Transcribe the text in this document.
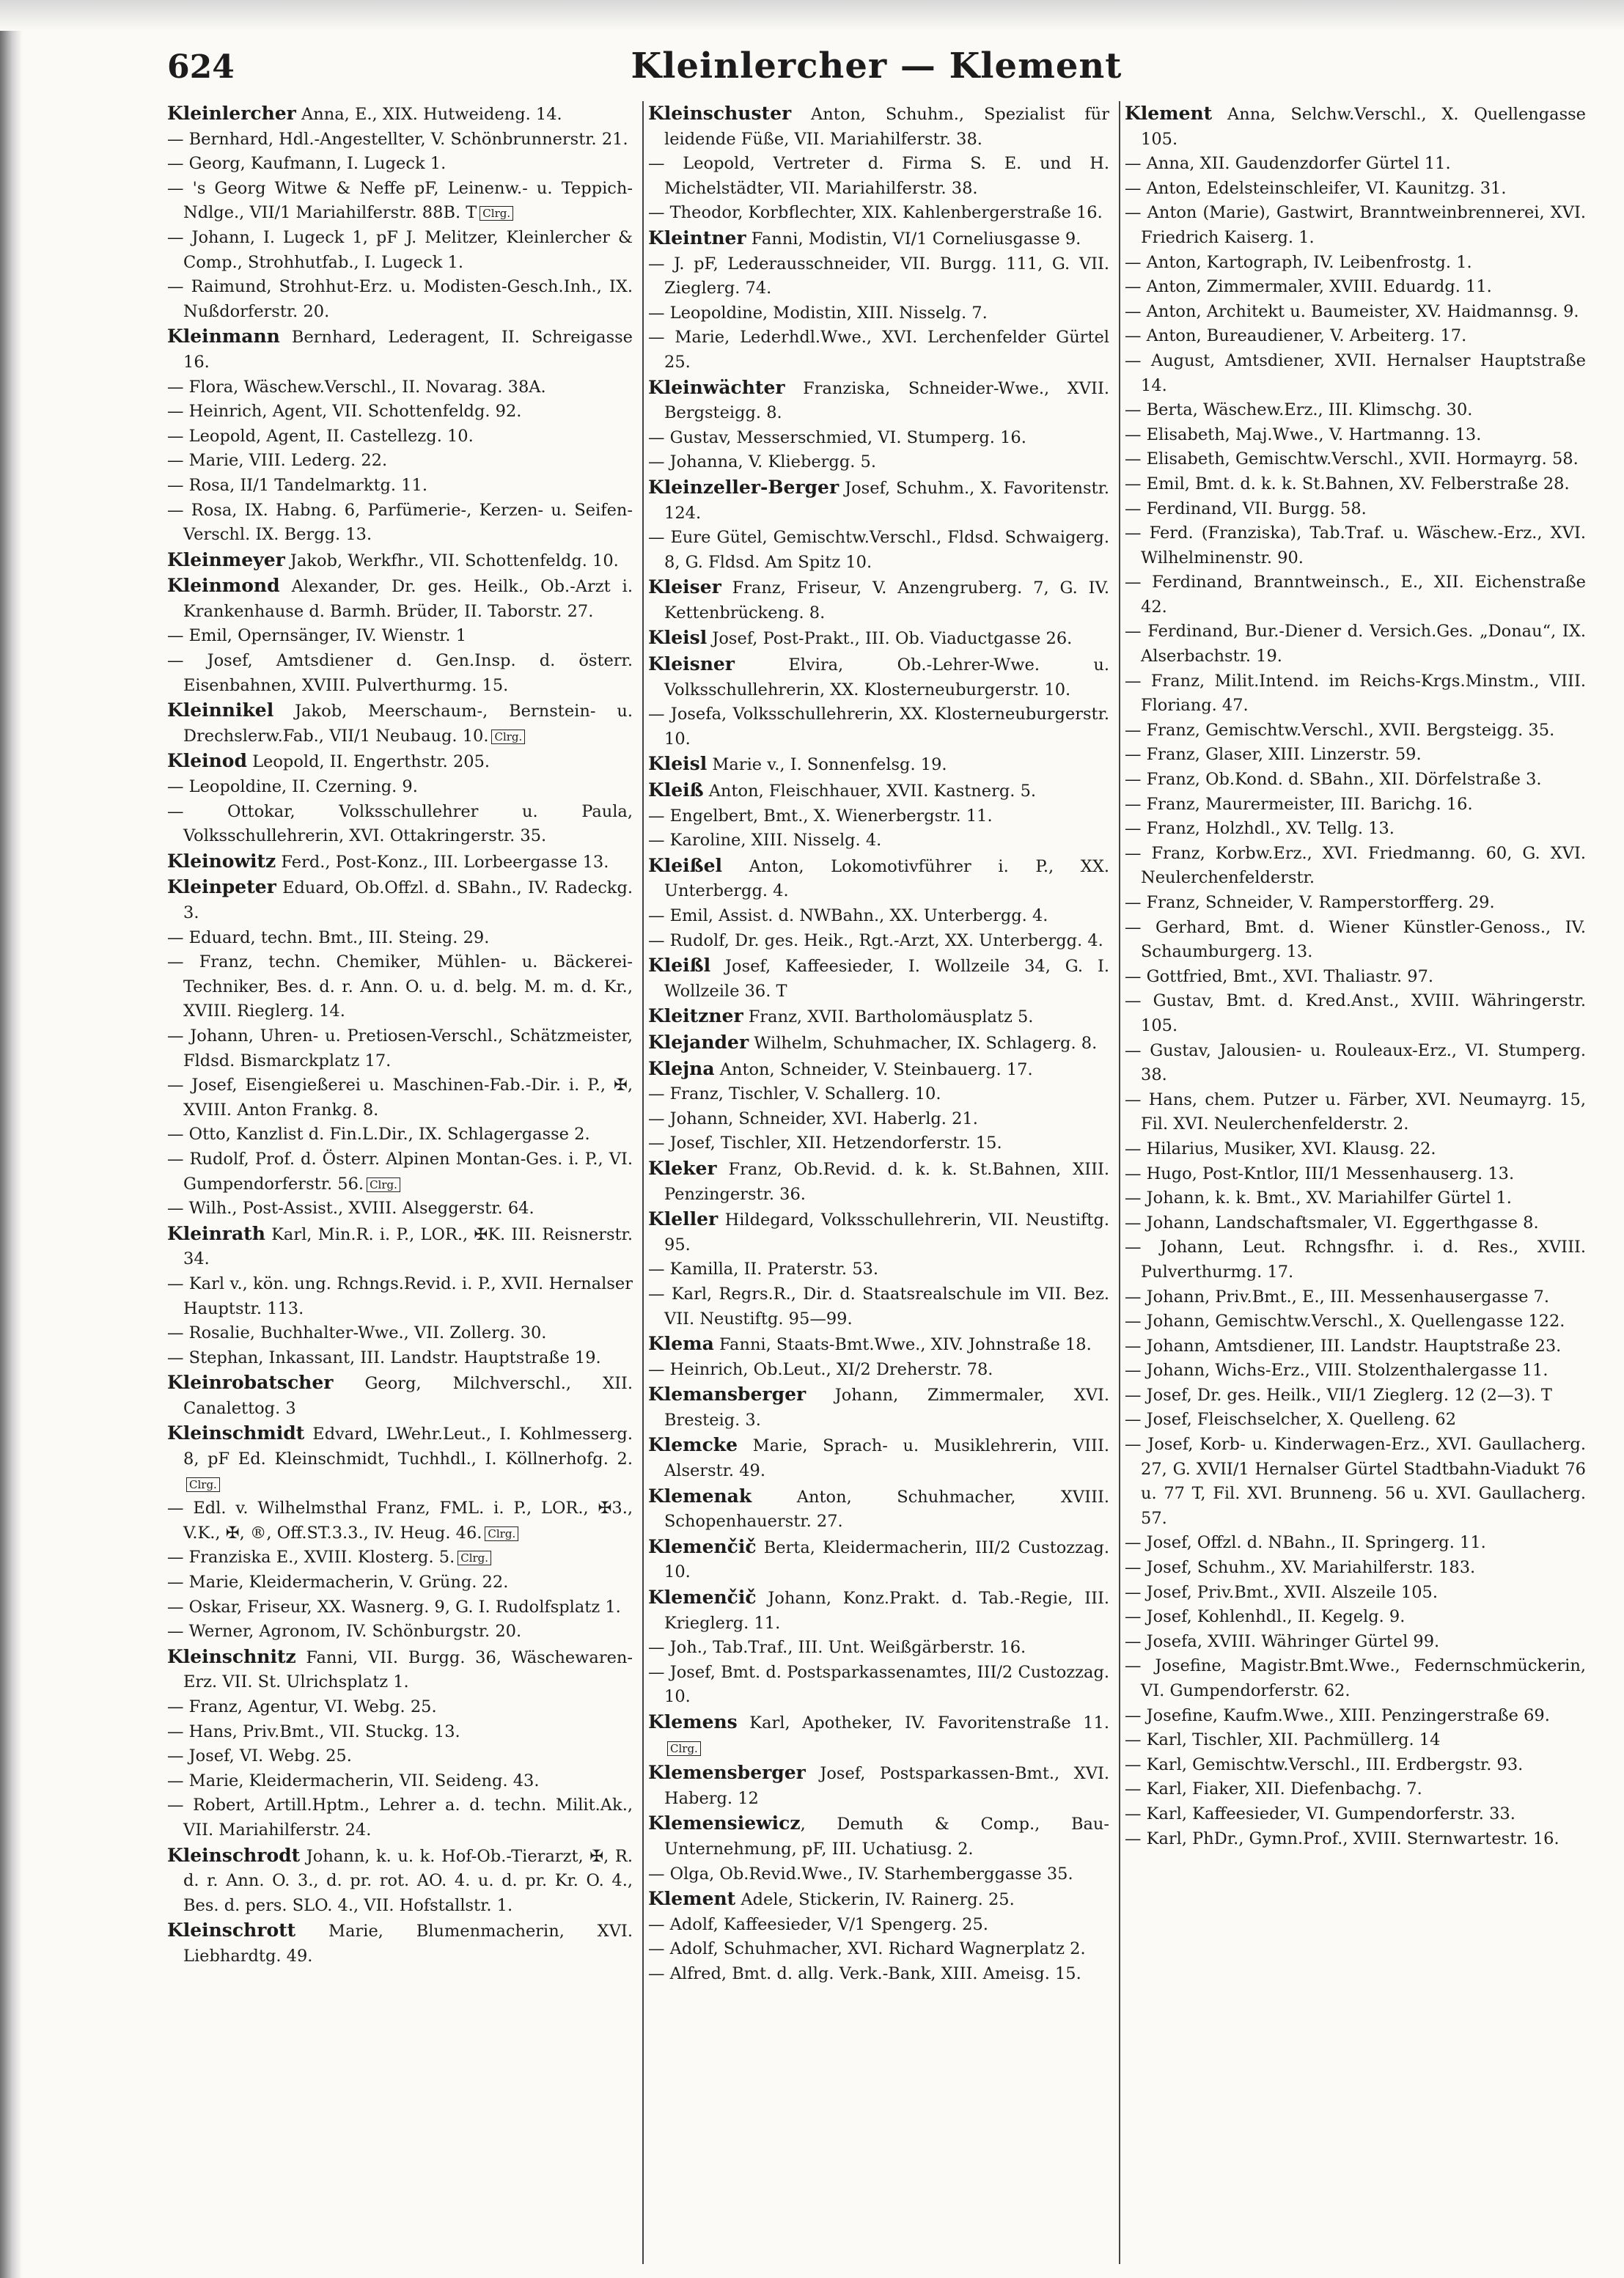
624	Kleinlercher — Klement
Kleinlercher Anna, E., XIX. Hutweideng. 14.
— Bernhard, Hdl.-Angestellter, V. Schönbrunnerstr. 21.
— Georg, Kaufmann, I. Lugeck 1.
— 's Georg Witwe & Neffe pF, Leinenw.- u. Teppich-Ndlge., VII/1 Mariahilferstr. 88B. T Clrg.
— Johann, I. Lugeck 1, pF J. Melitzer, Kleinlercher & Comp., Strohhutfab., I. Lugeck 1.
— Raimund, Strohhut-Erz. u. Modisten-Gesch.Inh., IX. Nußdorferstr. 20.
Kleinmann Bernhard, Lederagent, II. Schreigasse 16.
— Flora, Wäschew.Verschl., II. Novarag. 38A.
— Heinrich, Agent, VII. Schottenfeldg. 92.
— Leopold, Agent, II. Castellezg. 10.
— Marie, VIII. Lederg. 22.
— Rosa, II/1 Tandelmarktg. 11.
— Rosa, IX. Habng. 6, Parfümerie-, Kerzen- u. Seifen-Verschl. IX. Bergg. 13.
Kleinmeyer Jakob, Werkfhr., VII. Schottenfeldg. 10.
Kleinmond Alexander, Dr. ges. Heilk., Ob.-Arzt i. Krankenhause d. Barmh. Brüder, II. Taborstr. 27.
— Emil, Opernsänger, IV. Wienstr. 1
— Josef, Amtsdiener d. Gen.Insp. d. österr. Eisenbahnen, XVIII. Pulverthurmg. 15.
Kleinnikel Jakob, Meerschaum-, Bernstein- u. Drechslerw.Fab., VII/1 Neubaug. 10. Clrg.
Kleinod Leopold, II. Engerthstr. 205.
— Leopoldine, II. Czerning. 9.
— Ottokar, Volksschullehrer u. Paula, Volksschullehrerin, XVI. Ottakringerstr. 35.
Kleinowitz Ferd., Post-Konz., III. Lorbeergasse 13.
Kleinpeter Eduard, Ob.Offzl. d. SBahn., IV. Radeckg. 3.
— Eduard, techn. Bmt., III. Steing. 29.
— Franz, techn. Chemiker, Mühlen- u. Bäckerei-Techniker, Bes. d. r. Ann. O. u. d. belg. M. m. d. Kr., XVIII. Rieglerg. 14.
— Johann, Uhren- u. Pretiosen-Verschl., Schätzmeister, Fldsd. Bismarckplatz 17.
— Josef, Eisengießerei u. Maschinen-Fab.-Dir. i. P., ✠, XVIII. Anton Frankg. 8.
— Otto, Kanzlist d. Fin.L.Dir., IX. Schlagergasse 2.
— Rudolf, Prof. d. Österr. Alpinen Montan-Ges. i. P., VI. Gumpendorferstr. 56. Clrg.
— Wilh., Post-Assist., XVIII. Alseggerstr. 64.
Kleinrath Karl, Min.R. i. P., LOR., ✠K. III. Reisnerstr. 34.
— Karl v., kön. ung. Rchngs.Revid. i. P., XVII. Hernalser Hauptstr. 113.
— Rosalie, Buchhalter-Wwe., VII. Zollerg. 30.
— Stephan, Inkassant, III. Landstr. Hauptstraße 19.
Kleinrobatscher Georg, Milchverschl., XII. Canalettog. 3
Kleinschmidt Edvard, LWehr.Leut., I. Kohlmesserg. 8, pF Ed. Kleinschmidt, Tuchhdl., I. Köllnerhofg. 2.Clrg.
— Edl. v. Wilhelmsthal Franz, FML. i. P., LOR., ✠3., V.K., ✠, ®, Off.ST.3.3., IV. Heug. 46. Clrg.
— Franziska E., XVIII. Klosterg. 5. Clrg.
— Marie, Kleidermacherin, V. Grüng. 22.
— Oskar, Friseur, XX. Wasnerg. 9, G. I. Rudolfsplatz 1.
— Werner, Agronom, IV. Schönburgstr. 20.
Kleinschnitz Fanni, VII. Burgg. 36, Wäschewaren-Erz. VII. St. Ulrichsplatz 1.
— Franz, Agentur, VI. Webg. 25.
— Hans, Priv.Bmt., VII. Stuckg. 13.
— Josef, VI. Webg. 25.
— Marie, Kleidermacherin, VII. Seideng. 43.
— Robert, Artill.Hptm., Lehrer a. d. techn. Milit.Ak., VII. Mariahilferstr. 24.
Kleinschrodt Johann, k. u. k. Hof-Ob.-Tierarzt, ✠, R. d. r. Ann. O. 3., d. pr. rot. AO. 4. u. d. pr. Kr. O. 4., Bes. d. pers. SLO. 4., VII. Hofstallstr. 1.
Kleinschrott Marie, Blumenmacherin, XVI. Liebhardtg. 49.
Kleinschuster Anton, Schuhm., Spezialist für leidende Füße, VII. Mariahilferstr. 38.
— Leopold, Vertreter d. Firma S. E. und H. Michelstädter, VII. Mariahilferstr. 38.
— Theodor, Korbflechter, XIX. Kahlenbergerstraße 16.
Kleintner Fanni, Modistin, VI/1 Corneliusgasse 9.
— J. pF, Lederausschneider, VII. Burgg. 111, G. VII. Zieglerg. 74.
— Leopoldine, Modistin, XIII. Nisselg. 7.
— Marie, Lederhdl.Wwe., XVI. Lerchenfelder Gürtel 25.
Kleinwächter Franziska, Schneider-Wwe., XVII. Bergsteigg. 8.
— Gustav, Messerschmied, VI. Stumperg. 16.
— Johanna, V. Kliebergg. 5.
Kleinzeller-Berger Josef, Schuhm., X. Favoritenstr. 124.
— Eure Gütel, Gemischtw.Verschl., Fldsd. Schwaigerg. 8, G. Fldsd. Am Spitz 10.
Kleiser Franz, Friseur, V. Anzengruberg. 7, G. IV. Kettenbrückeng. 8.
Kleisl Josef, Post-Prakt., III. Ob. Viaductgasse 26.
Kleisner Elvira, Ob.-Lehrer-Wwe. u. Volksschullehrerin, XX. Klosterneuburgerstr. 10.
— Josefa, Volksschullehrerin, XX. Klosterneuburgerstr. 10.
Kleisl Marie v., I. Sonnenfelsg. 19.
Kleiß Anton, Fleischhauer, XVII. Kastnerg. 5.
— Engelbert, Bmt., X. Wienerbergstr. 11.
— Karoline, XIII. Nisselg. 4.
Kleißel Anton, Lokomotivführer i. P., XX. Unterbergg. 4.
— Emil, Assist. d. NWBahn., XX. Unterbergg. 4.
— Rudolf, Dr. ges. Heik., Rgt.-Arzt, XX. Unterbergg. 4.
Kleißl Josef, Kaffeesieder, I. Wollzeile 34, G. I. Wollzeile 36. T
Kleitzner Franz, XVII. Bartholomäusplatz 5.
Klejander Wilhelm, Schuhmacher, IX. Schlagerg. 8.
Klejna Anton, Schneider, V. Steinbauerg. 17.
— Franz, Tischler, V. Schallerg. 10.
— Johann, Schneider, XVI. Haberlg. 21.
— Josef, Tischler, XII. Hetzendorferstr. 15.
Kleker Franz, Ob.Revid. d. k. k. St.Bahnen, XIII. Penzingerstr. 36.
Kleller Hildegard, Volksschullehrerin, VII. Neustiftg. 95.
— Kamilla, II. Praterstr. 53.
— Karl, Regrs.R., Dir. d. Staatsrealschule im VII. Bez. VII. Neustiftg. 95—99.
Klema Fanni, Staats-Bmt.Wwe., XIV. Johnstraße 18.
— Heinrich, Ob.Leut., XI/2 Dreherstr. 78.
Klemansberger Johann, Zimmermaler, XVI. Bresteig. 3.
Klemcke Marie, Sprach- u. Musiklehrerin, VIII. Alserstr. 49.
Klemenak Anton, Schuhmacher, XVIII. Schopenhauerstr. 27.
Klemenčič Berta, Kleidermacherin, III/2 Custozzag. 10.
Klemenčič Johann, Konz.Prakt. d. Tab.-Regie, III. Krieglerg. 11.
— Joh., Tab.Traf., III. Unt. Weißgärberstr. 16.
— Josef, Bmt. d. Postsparkassenamtes, III/2 Custozzag. 10.
Klemens Karl, Apotheker, IV. Favoritenstraße 11.Clrg.
Klemensberger Josef, Postsparkassen-Bmt., XVI. Haberg. 12
Klemensiewicz, Demuth & Comp., Bau-Unternehmung, pF, III. Uchatiusg. 2.
— Olga, Ob.Revid.Wwe., IV. Starhemberggasse 35.
Klement Adele, Stickerin, IV. Rainerg. 25.
— Adolf, Kaffeesieder, V/1 Spengerg. 25.
— Adolf, Schuhmacher, XVI. Richard Wagnerplatz 2.
— Alfred, Bmt. d. allg. Verk.-Bank, XIII. Ameisg. 15.
Klement Anna, Selchw.Verschl., X. Quellengasse 105.
— Anna, XII. Gaudenzdorfer Gürtel 11.
— Anton, Edelsteinschleifer, VI. Kaunitzg. 31.
— Anton (Marie), Gastwirt, Branntweinbrennerei, XVI. Friedrich Kaiserg. 1.
— Anton, Kartograph, IV. Leibenfrostg. 1.
— Anton, Zimmermaler, XVIII. Eduardg. 11.
— Anton, Architekt u. Baumeister, XV. Haidmannsg. 9.
— Anton, Bureaudiener, V. Arbeiterg. 17.
— August, Amtsdiener, XVII. Hernalser Hauptstraße 14.
— Berta, Wäschew.Erz., III. Klimschg. 30.
— Elisabeth, Maj.Wwe., V. Hartmanng. 13.
— Elisabeth, Gemischtw.Verschl., XVII. Hormayrg. 58.
— Emil, Bmt. d. k. k. St.Bahnen, XV. Felberstraße 28.
— Ferdinand, VII. Burgg. 58.
— Ferd. (Franziska), Tab.Traf. u. Wäschew.-Erz., XVI. Wilhelminenstr. 90.
— Ferdinand, Branntweinsch., E., XII. Eichenstraße 42.
— Ferdinand, Bur.-Diener d. Versich.Ges. „Donau“, IX. Alserbachstr. 19.
— Franz, Milit.Intend. im Reichs-Krgs.Minstm., VIII. Floriang. 47.
— Franz, Gemischtw.Verschl., XVII. Bergsteigg. 35.
— Franz, Glaser, XIII. Linzerstr. 59.
— Franz, Ob.Kond. d. SBahn., XII. Dörfelstraße 3.
— Franz, Maurermeister, III. Barichg. 16.
— Franz, Holzhdl., XV. Tellg. 13.
— Franz, Korbw.Erz., XVI. Friedmanng. 60, G. XVI. Neulerchenfelderstr.
— Franz, Schneider, V. Ramperstorfferg. 29.
— Gerhard, Bmt. d. Wiener Künstler-Genoss., IV. Schaumburgerg. 13.
— Gottfried, Bmt., XVI. Thaliastr. 97.
— Gustav, Bmt. d. Kred.Anst., XVIII. Währingerstr. 105.
— Gustav, Jalousien- u. Rouleaux-Erz., VI. Stumperg. 38.
— Hans, chem. Putzer u. Färber, XVI. Neumayrg. 15, Fil. XVI. Neulerchenfelderstr. 2.
— Hilarius, Musiker, XVI. Klausg. 22.
— Hugo, Post-Kntlor, III/1 Messenhauserg. 13.
— Johann, k. k. Bmt., XV. Mariahilfer Gürtel 1.
— Johann, Landschaftsmaler, VI. Eggerthgasse 8.
— Johann, Leut. Rchngsfhr. i. d. Res., XVIII. Pulverthurmg. 17.
— Johann, Priv.Bmt., E., III. Messenhausergasse 7.
— Johann, Gemischtw.Verschl., X. Quellengasse 122.
— Johann, Amtsdiener, III. Landstr. Hauptstraße 23.
— Johann, Wichs-Erz., VIII. Stolzenthalergasse 11.
— Josef, Dr. ges. Heilk., VII/1 Zieglerg. 12 (2—3). T
— Josef, Fleischselcher, X. Quelleng. 62
— Josef, Korb- u. Kinderwagen-Erz., XVI. Gaullacherg. 27, G. XVII/1 Hernalser Gürtel Stadtbahn-Viadukt 76 u. 77 T, Fil. XVI. Brunneng. 56 u. XVI. Gaullacherg. 57.
— Josef, Offzl. d. NBahn., II. Springerg. 11.
— Josef, Schuhm., XV. Mariahilferstr. 183.
— Josef, Priv.Bmt., XVII. Alszeile 105.
— Josef, Kohlenhdl., II. Kegelg. 9.
— Josefa, XVIII. Währinger Gürtel 99.
— Josefine, Magistr.Bmt.Wwe., Federnschmückerin, VI. Gumpendorferstr. 62.
— Josefine, Kaufm.Wwe., XIII. Penzingerstraße 69.
— Karl, Tischler, XII. Pachmüllerg. 14
— Karl, Gemischtw.Verschl., III. Erdbergstr. 93.
— Karl, Fiaker, XII. Diefenbachg. 7.
— Karl, Kaffeesieder, VI. Gumpendorferstr. 33.
— Karl, PhDr., Gymn.Prof., XVIII. Sternwartestr. 16.
